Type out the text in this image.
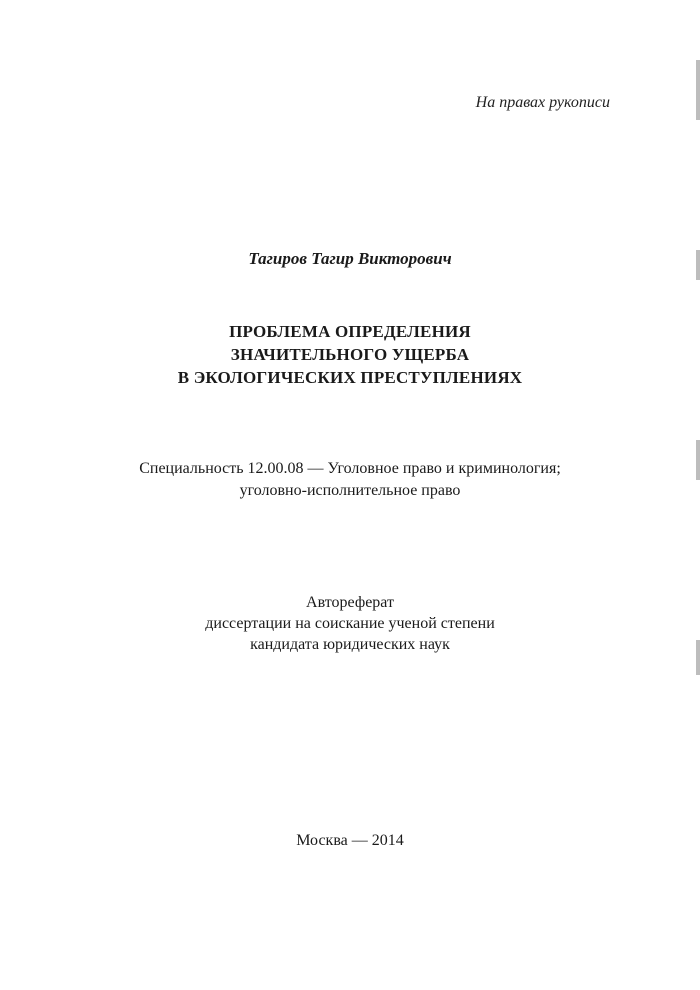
На правах рукописи
Тагиров Тагир Викторович
ПРОБЛЕМА ОПРЕДЕЛЕНИЯ
ЗНАЧИТЕЛЬНОГО УЩЕРБА
В ЭКОЛОГИЧЕСКИХ ПРЕСТУПЛЕНИЯХ
Специальность 12.00.08 — Уголовное право и криминология;
уголовно-исполнительное право
Автореферат
диссертации на соискание ученой степени
кандидата юридических наук
Москва — 2014
